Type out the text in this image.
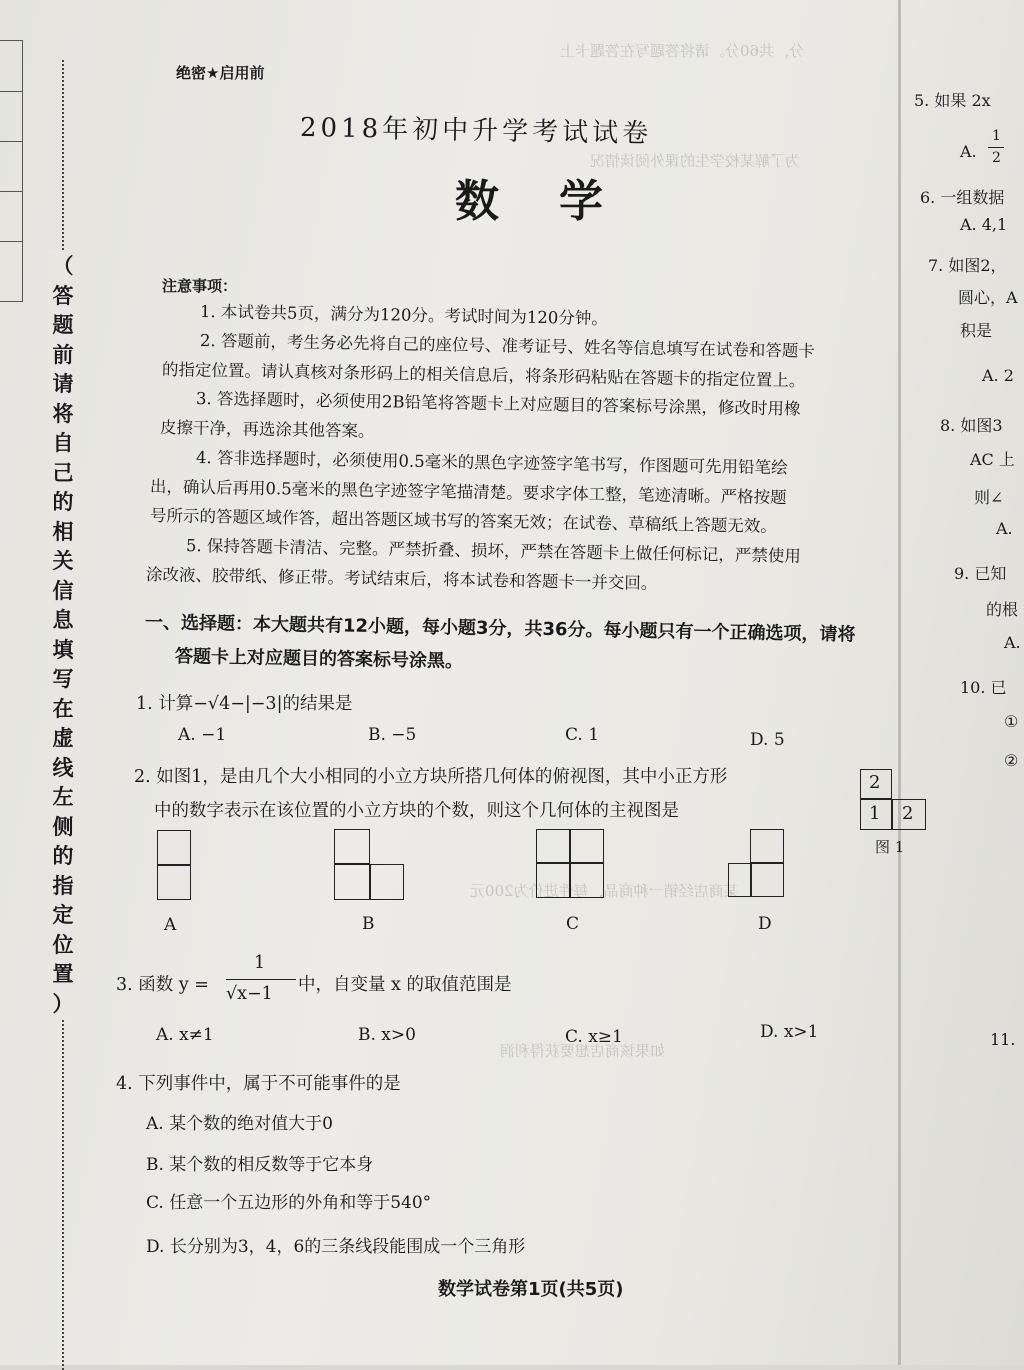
（
答
题
前
请
将
自
己
的
相
关
信
息
填
写
在
虚
线
左
侧
的
指
定
位
置
）
分，共60分。请将答题写在答题卡上
为了解某校学生的课外阅读情况
某商店经销一种商品，每件进价为200元
如果该商店想要获得利润
绝密★启用前
2018年初中升学考试试卷
数学
注意事项：
1. 本试卷共5页，满分为120分。考试时间为120分钟。
2. 答题前，考生务必先将自己的座位号、准考证号、姓名等信息填写在试卷和答题卡
的指定位置。请认真核对条形码上的相关信息后，将条形码粘贴在答题卡的指定位置上。
3. 答选择题时，必须使用2B铅笔将答题卡上对应题目的答案标号涂黑，修改时用橡
皮擦干净，再选涂其他答案。
4. 答非选择题时，必须使用0.5毫米的黑色字迹签字笔书写，作图题可先用铅笔绘
出，确认后再用0.5毫米的黑色字迹签字笔描清楚。要求字体工整，笔迹清晰。严格按题
号所示的答题区域作答，超出答题区域书写的答案无效；在试卷、草稿纸上答题无效。
5. 保持答题卡清洁、完整。严禁折叠、损坏，严禁在答题卡上做任何标记，严禁使用
涂改液、胶带纸、修正带。考试结束后，将本试卷和答题卡一并交回。
一、选择题：本大题共有12小题，每小题3分，共36分。每小题只有一个正确选项，请将
答题卡上对应题目的答案标号涂黑。
1. 计算−√4−|−3|的结果是
A. −1	B. −5	C. 1	D. 5
2. 如图1，是由几个大小相同的小立方块所搭几何体的俯视图，其中小正方形
中的数字表示在该位置的小立方块的个数，则这个几何体的主视图是
2
1 2
图 1
A	B	C	D
3. 函数 y =
1
√x−1 中，自变量 x 的取值范围是
A. x≠1	B. x>0	C. x≥1	D. x>1
4. 下列事件中，属于不可能事件的是
A. 某个数的绝对值大于0
B. 某个数的相反数等于它本身
C. 任意一个五边形的外角和等于540°
D. 长分别为3，4，6的三条线段能围成一个三角形
数学试卷第1页(共5页)
5. 如果 2x
A.
1
2
6. 一组数据
A. 4,1
7. 如图2，
圆心，A
积是
A. 2
8. 如图3
AC 上
则∠
A.
9. 已知
的根
A.
10. 已
①
②
11.
